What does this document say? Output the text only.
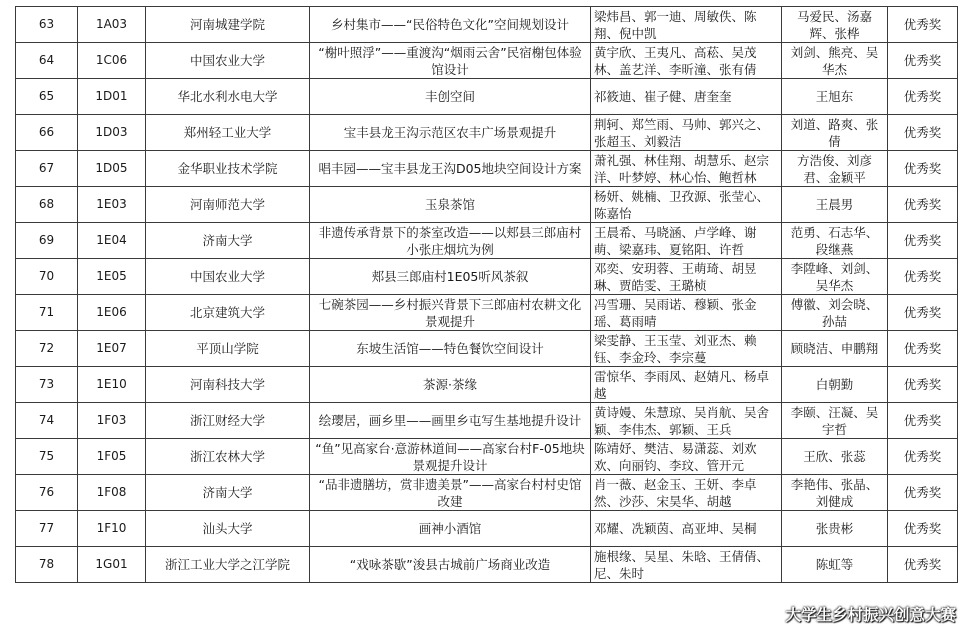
63	1A03	河南城建学院	乡村集市——“民俗特色文化”空间规划设计	梁炜昌、郭一迪、周敏佚、陈翔、倪中凯	马爱民、汤嘉辉、张桦	优秀奖
64	1C06	中国农业大学	“榭叶照浮”——重渡沟“烟雨云舍”民宿榭包体验馆设计	黄宇欣、王夷凡、高菘、吴茂林、盖艺洋、李昕潼、张有倩	刘剑、熊亮、吴华杰	优秀奖
65	1D01	华北水利水电大学	丰创空间	祁筱迪、崔子健、唐奎奎	王旭东	优秀奖
66	1D03	郑州轻工业大学	宝丰县龙王沟示范区农丰广场景观提升	荆轲、郑竺雨、马帅、郭兴之、张超玉、刘毅洁	刘道、路爽、张倩	优秀奖
67	1D05	金华职业技术学院	唱丰园——宝丰县龙王沟D05地块空间设计方案	萧礼强、林佳翔、胡慧乐、赵宗洋、叶梦婷、林心怡、鲍哲林	方浩俊、刘彦君、金颖平	优秀奖
68	1E03	河南师范大学	玉泉茶馆	杨妍、姚楠、卫孜源、张莹心、陈嘉怡	王晨男	优秀奖
69	1E04	济南大学	非遗传承背景下的茶室改造——以郏县三郎庙村小张庄烟坑为例	王晨希、马晓涵、卢学峰、谢萌、梁嘉玮、夏铭阳、许哲	范勇、石志华、段继燕	优秀奖
70	1E05	中国农业大学	郏县三郎庙村1E05听风茶叙	邓奕、安玥蓉、王萌琦、胡昱琳、贾皓雯、王璐桢	李陞峰、刘剑、吴华杰	优秀奖
71	1E06	北京建筑大学	七碗茶园——乡村振兴背景下三郎庙村农耕文化景观提升	冯雪珊、吴雨诺、穆颖、张金瑶、葛雨晴	傅徽、刘会晓、孙喆	优秀奖
72	1E07	平顶山学院	东坡生活馆——特色餐饮空间设计	梁雯静、王玉莹、刘亚杰、赖钰、李金玲、李宗蔓	顾晓洁、申鹏翔	优秀奖
73	1E10	河南科技大学	茶源·茶缘	雷惊华、李雨凤、赵婧凡、杨卓越	白朝勤	优秀奖
74	1F03	浙江财经大学	绘璎居，画乡里——画里乡屯写生基地提升设计	黄诗嫚、朱慧琼、吴肖航、吴舍颖、李伟杰、郭颖、王兵	李颐、汪凝、吴宇哲	优秀奖
75	1F05	浙江农林大学	“鱼”见高家台·意游林道间——高家台村F-05地块景观提升设计	陈靖妤、樊洁、易潇蕊、刘欢欢、向丽钧、李玟、管开元	王欣、张蕊	优秀奖
76	1F08	济南大学	“品非遗膳坊，赏非遗美景”——高家台村村史馆改建	肖一薇、赵金玉、王妍、李卓然、沙莎、宋昊华、胡越	李艳伟、张晶、刘健成	优秀奖
77	1F10	汕头大学	画神小酒馆	邓耀、冼颖茵、高亚坤、吴桐	张贵彬	优秀奖
78	1G01	浙江工业大学之江学院	“戏咏茶歇”浚县古城前广场商业改造	施根缘、吴星、朱晗、王倩倩、尼、朱时	陈虹等	优秀奖
大学生乡村振兴创意大赛
